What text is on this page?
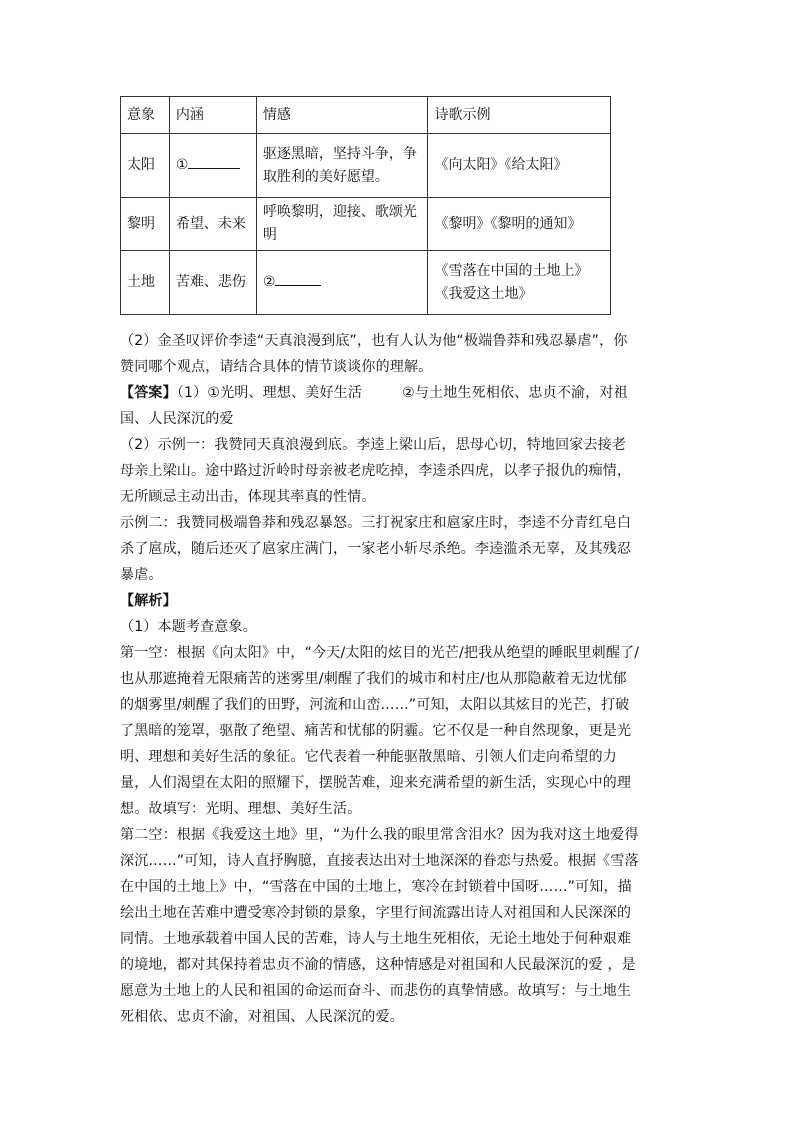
意象	内涵	情感	诗歌示例
太阳	①	驱逐黑暗，坚持斗争，争取胜利的美好愿望。	《向太阳》《给太阳》

黎明	希望、未来	呼唤黎明，迎接、歌颂光明	《黎明》《黎明的通知》

土地	苦难、悲伤	②	《雪落在中国的土地上》
《我爱这土地》

（2）金圣叹评价李逵“天真浪漫到底”，也有人认为他“极端鲁莽和残忍暴虐”，你赞同哪个观点，请结合具体的情节谈谈你的理解。

【答案】（1）①光明、理想、美好生活	②与土地生死相依、忠贞不渝，对祖国、人民深沉的爱

（2）示例一：我赞同天真浪漫到底。李逵上梁山后，思母心切，特地回家去接老母亲上梁山。途中路过沂岭时母亲被老虎吃掉，李逵杀四虎，以孝子报仇的痴情，无所顾忌主动出击，体现其率真的性情。

示例二：我赞同极端鲁莽和残忍暴怒。三打祝家庄和扈家庄时，李逵不分青红皂白杀了扈成，随后还灭了扈家庄满门，一家老小斩尽杀绝。李逵滥杀无辜，及其残忍暴虐。

【解析】

（1）本题考查意象。

第一空：根据《向太阳》中，“今天/太阳的炫目的光芒/把我从绝望的睡眠里刺醒了/也从那遮掩着无限痛苦的迷雾里/刺醒了我们的城市和村庄/也从那隐蔽着无边忧郁的烟雾里/刺醒了我们的田野，河流和山峦……”可知，太阳以其炫目的光芒，打破了黑暗的笼罩，驱散了绝望、痛苦和忧郁的阴霾。它不仅是一种自然现象，更是光明、理想和美好生活的象征。它代表着一种能驱散黑暗、引领人们走向希望的力量，人们渴望在太阳的照耀下，摆脱苦难，迎来充满希望的新生活，实现心中的理想。故填写：光明、理想、美好生活。

第二空：根据《我爱这土地》里，“为什么我的眼里常含泪水？因为我对这土地爱得深沉……”可知，诗人直抒胸臆，直接表达出对土地深深的眷恋与热爱。根据《雪落在中国的土地上》中，“雪落在中国的土地上，寒冷在封锁着中国呀……”可知，描绘出土地在苦难中遭受寒冷封锁的景象，字里行间流露出诗人对祖国和人民深深的同情。土地承载着中国人民的苦难，诗人与土地生死相依，无论土地处于何种艰难的境地，都对其保持着忠贞不渝的情感，这种情感是对祖国和人民最深沉的爱 ，是愿意为土地上的人民和祖国的命运而奋斗、而悲伤的真挚情感。故填写：与土地生死相依、忠贞不渝，对祖国、人民深沉的爱。
